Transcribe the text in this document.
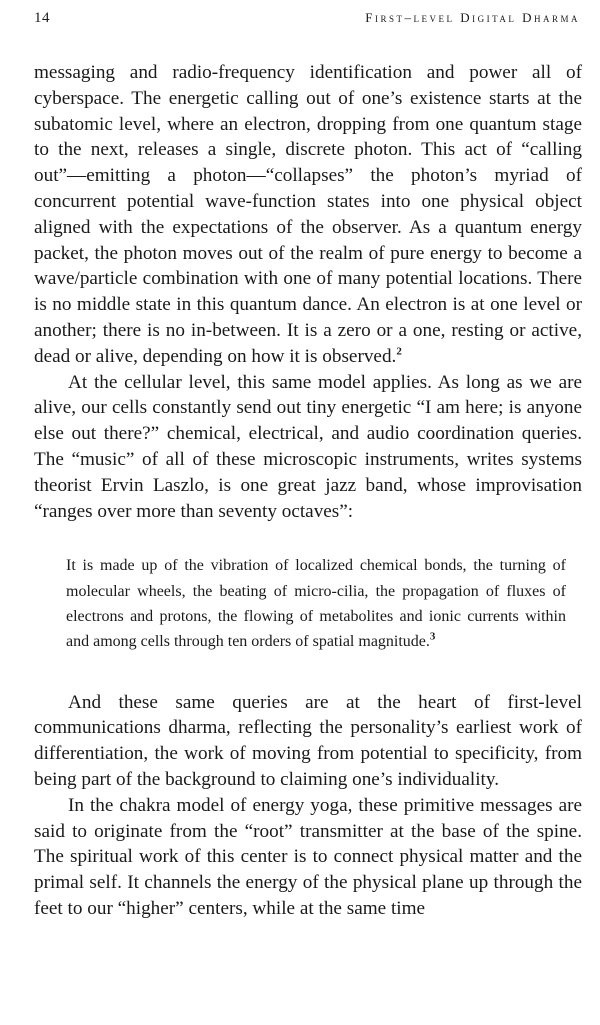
14	First–level Digital Dharma

messaging and radio-frequency identification and power all of cyberspace. The energetic calling out of one’s existence starts at the subatomic level, where an electron, dropping from one quantum stage to the next, releases a single, discrete photon. This act of “calling out”—emitting a photon—“collapses” the photon’s myriad of concurrent potential wave-function states into one physical object aligned with the expectations of the observer. As a quantum energy packet, the photon moves out of the realm of pure energy to become a wave/particle combination with one of many potential locations. There is no middle state in this quantum dance. An electron is at one level or another; there is no in-between. It is a zero or a one, resting or active, dead or alive, depending on how it is observed.$^2$

At the cellular level, this same model applies. As long as we are alive, our cells constantly send out tiny energetic “I am here; is anyone else out there?” chemical, electrical, and audio coordination queries. The “music” of all of these microscopic instruments, writes systems theorist Ervin Laszlo, is one great jazz band, whose improvisation “ranges over more than seventy octaves”:

It is made up of the vibration of localized chemical bonds, the turning of molecular wheels, the beating of micro-cilia, the propagation of fluxes of electrons and protons, the flowing of metabolites and ionic currents within and among cells through ten orders of spatial magnitude.$^3$

And these same queries are at the heart of first-level communications dharma, reflecting the personality’s earliest work of differentiation, the work of moving from potential to specificity, from being part of the background to claiming one’s individuality.

In the chakra model of energy yoga, these primitive messages are said to originate from the “root” transmitter at the base of the spine. The spiritual work of this center is to connect physical matter and the primal self. It channels the energy of the physical plane up through the feet to our “higher” centers, while at the same time
